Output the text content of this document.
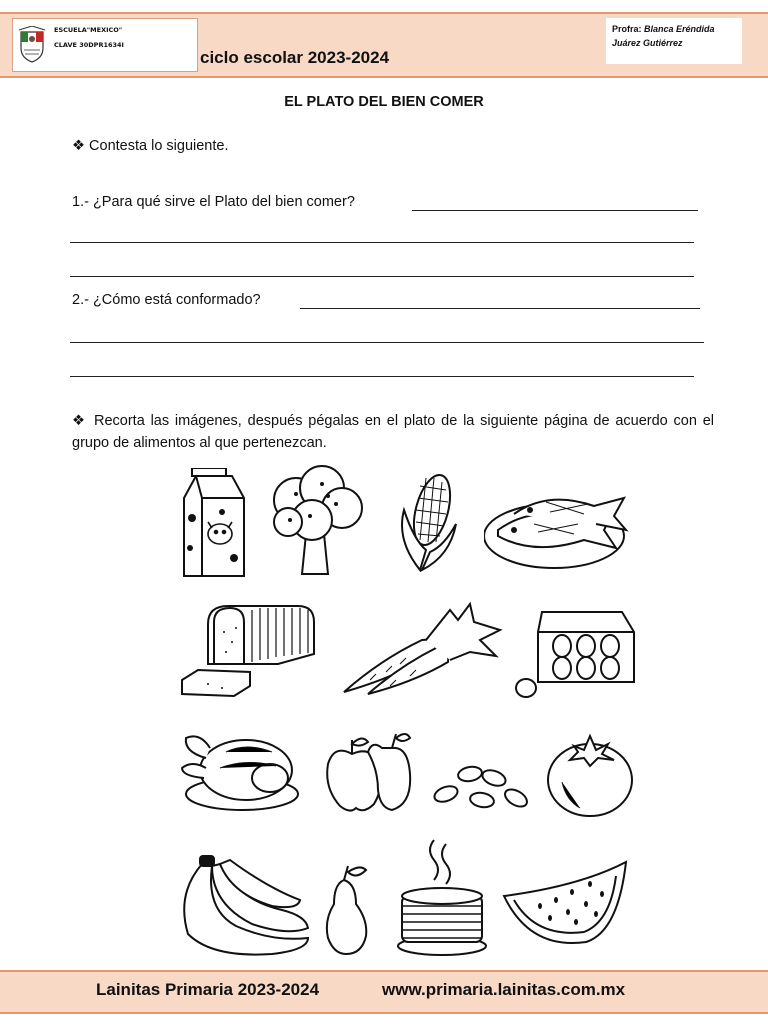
ESCUELA"MEXICO"
CLAVE 30DPR1634I
ciclo escolar 2023-2024
Profra: Blanca Eréndida
Juárez Gutiérrez
EL PLATO DEL BIEN COMER
❖ Contesta lo siguiente.
1.- ¿Para qué sirve el Plato del bien comer?
2.- ¿Cómo está conformado?
❖ Recorta las imágenes, después pégalas en el plato de la siguiente página de acuerdo con el grupo de alimentos al que pertenezcan.
Lainitas Primaria 2023-2024	www.primaria.lainitas.com.mx
